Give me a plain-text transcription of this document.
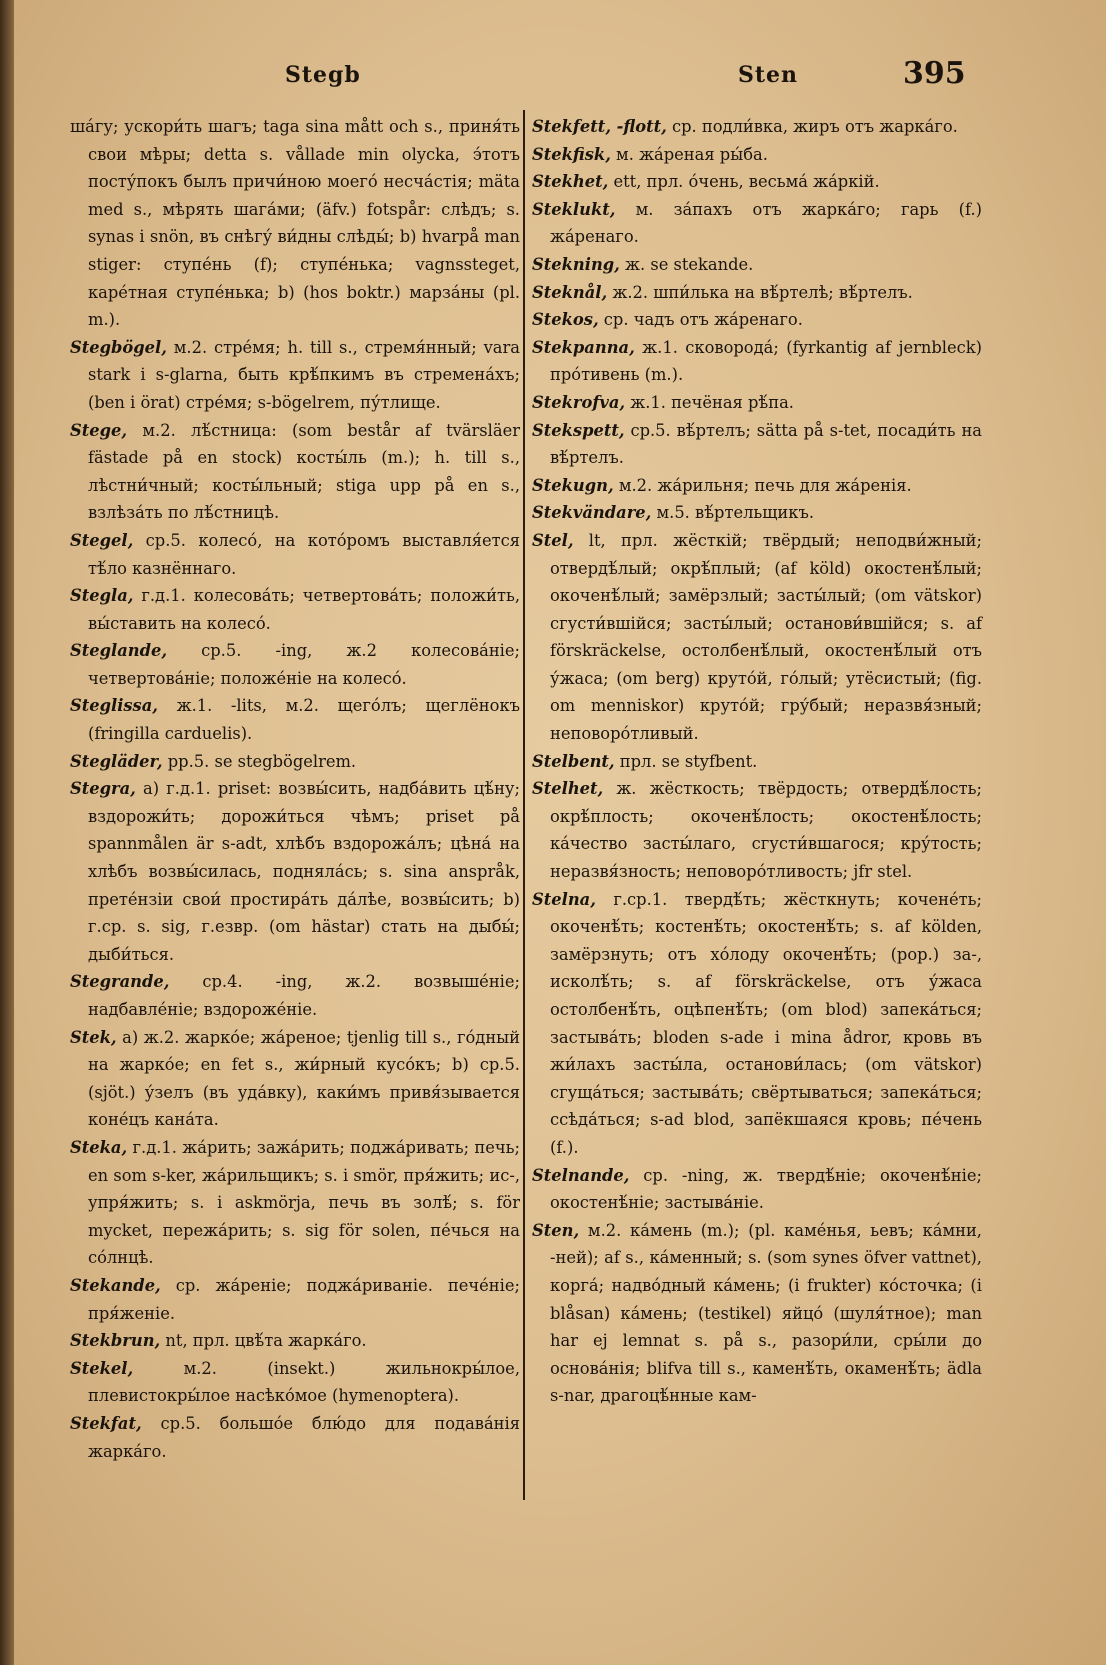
Stegb	Sten	395

шáгу; ускори́ть шагъ; taga sina mått och s., приня́ть свои мѣры; detta s. vållade min olycka, э́тотъ посту́покъ былъ причи́ною моего́ несча́стія; mäta med s., мѣрять шага́ми; (äfv.) fotspår: слѣдъ; s. synas i snön, въ снѣгу́ ви́дны слѣды́; b) hvarpå man stiger: ступе́нь (f); ступе́нька; vagnssteget, каре́тная ступе́нька; b) (hos boktr.) марза́ны (pl. m.).

Stegbögel, м.2. стре́мя; h. till s., стремя́нный; vara stark i s-glarna, быть крѣ́пкимъ въ стремена́хъ; (ben i örat) стре́мя; s-bögelrem, пу́тлище.

Stege, м.2. лѣ́стница: (som består af tvärsläer fästade på en stock) косты́ль (m.); h. till s., лѣстни́чный; косты́льный; stiga upp på en s., взлѣза́ть по лѣ́стницѣ.

Stegel, ср.5. колесо́, на кото́ромъ выставля́ется тѣ́ло казнённаго.

Stegla, г.д.1. колесова́ть; четвертова́ть; положи́ть, вы́ставить на колесо́.

Steglande, ср.5. -ing, ж.2 колесова́ніе; четвертова́ніе; положе́ніе на колесо́.

Steglissa, ж.1. -lits, м.2. щего́лъ; щеглёнокъ (fringilla carduelis).

Stegläder, pp.5. se stegbögelrem.

Stegra, a) г.д.1. priset: возвы́сить, надба́вить цѣ́ну; вздорожи́ть; дорожи́ться чѣмъ; priset på spannmålen är s-adt, хлѣбъ вздорожа́лъ; цѣна́ на хлѣбъ возвы́силась, подняла́сь; s. sina anspråk, прете́нзіи свои́ простира́ть да́лѣе, возвы́сить; b) г.ср. s. sig, г.езвр. (om hästar) стать на дыбы́; дыби́ться.

Stegrande, ср.4. -ing, ж.2. возвыше́ніе; надбавле́ніе; вздороже́ніе.

Stek, a) ж.2. жарко́е; жа́реное; tjenlig till s., го́дный на жарко́е; en fet s., жи́рный кусо́къ; b) ср.5. (sjöt.) у́зелъ (въ уда́вку), каки́мъ привя́зывается коне́цъ кана́та.

Steka, г.д.1. жа́рить; зажа́рить; поджа́ривать; печь; en som s-ker, жа́рильщикъ; s. i smör, пря́жить; ис-, упря́жить; s. i askmörja, печь въ золѣ́; s. för mycket, пережа́рить; s. sig för solen, пе́чься на со́лнцѣ.

Stekande, ср. жа́реніе; поджа́риваніе. пече́ніе; пря́женіе.

Stekbrun, nt, прл. цвѣ́та жарка́го.

Stekel, м.2. (insekt.) жильнокры́лое, плевистокры́лое насѣко́мое (hymenoptera).

Stekfat, ср.5. большо́е блю́до для подава́нія жарка́го.

Stekfett, -flott, ср. подли́вка, жиръ отъ жарка́го.

Stekfisk, м. жа́реная ры́ба.

Stekhet, ett, прл. о́чень, весьма́ жа́ркій.

Steklukt, м. за́пахъ отъ жарка́го; гарь (f.) жа́ренаго.

Stekning, ж. se stekande.

Steknål, ж.2. шпи́лька на вѣ́ртелѣ; вѣ́ртелъ.

Stekos, ср. чадъ отъ жа́ренаго.

Stekpanna, ж.1. сковорода́; (fyrkantig af jernbleck) про́тивень (m.).

Stekrofva, ж.1. печёная рѣ́па.

Stekspett, ср.5. вѣ́ртелъ; sätta på s-tet, посади́ть на вѣ́ртелъ.

Stekugn, м.2. жа́рильня; печь для жа́ренія.

Stekvändare, м.5. вѣ́ртельщикъ.

Stel, lt, прл. жёсткій; твёрдый; неподви́жный; отвердѣ́лый; окрѣ́плый; (af köld) окостенѣ́лый; окоченѣ́лый; замёрзлый; засты́лый; (om vätskor) сгусти́вшійся; засты́лый; останови́вшійся; s. af förskräckelse, остолбенѣ́лый, окостенѣ́лый отъ у́жаса; (om berg) круто́й, го́лый; утёсистый; (fig. om menniskor) круто́й; гру́бый; неразвя́зный; неповоро́тливый.

Stelbent, прл. se styfbent.

Stelhet, ж. жёсткость; твёрдость; отвердѣ́лость; окрѣ́плость; окоченѣ́лость; окостенѣ́лость; ка́чество засты́лаго, сгусти́вшагося; кру́тость; неразвя́зность; неповоро́тливость; jfr stel.

Stelna, г.ср.1. твердѣ́ть; жёсткнуть; кочене́ть; окоченѣ́ть; костенѣ́ть; окостенѣ́ть; s. af kölden, замёрзнуть; отъ хо́лоду окоченѣ́ть; (pop.) за-, исколѣ́ть; s. af förskräckelse, отъ у́жаса остолбенѣ́ть, оцѣпенѣ́ть; (om blod) запека́ться; застыва́ть; bloden s-ade i mina ådror, кровь въ жи́лахъ засты́ла, останови́лась; (om vätskor) сгуща́ться; застыва́ть; свёртываться; запека́ться; ссѣда́ться; s-ad blod, запёкшаяся кровь; пе́чень (f.).

Stelnande, ср. -ning, ж. твердѣ́ніе; окоченѣ́ніе; окостенѣ́ніе; застыва́ніе.

Sten, м.2. ка́мень (m.); (pl. каме́нья, ьевъ; ка́мни, -ней); af s., ка́менный; s. (som synes öfver vattnet), корга́; надво́дный ка́мень; (i frukter) ко́сточка; (i blåsan) ка́мень; (testikel) яйцо́ (шуля́тное); man har ej lemnat s. på s., разори́ли, сры́ли до основа́нія; blifva till s., каменѣ́ть, окаменѣ́ть; ädla s-nar, драгоцѣ́нные кам-
